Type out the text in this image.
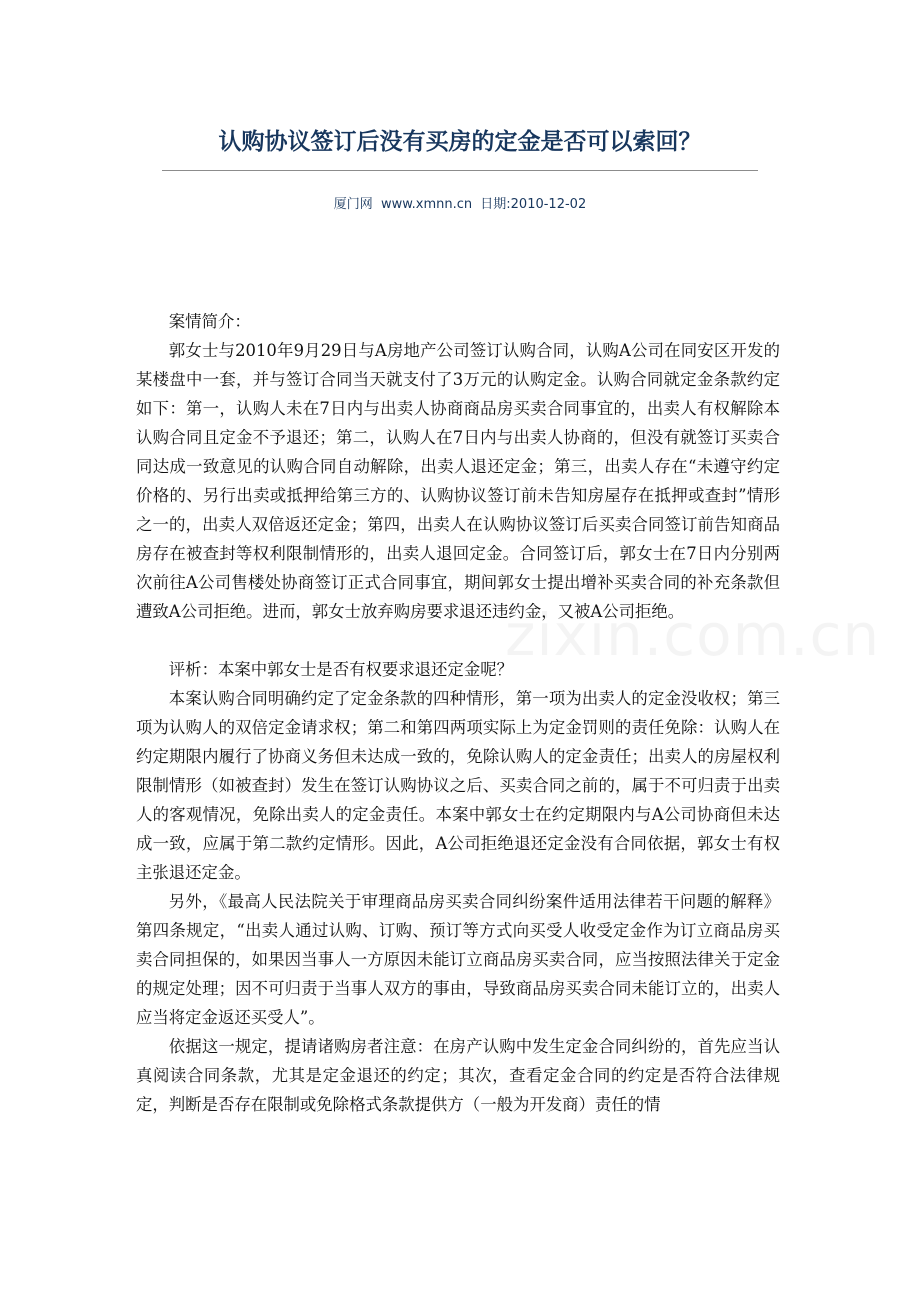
认购协议签订后没有买房的定金是否可以索回？
厦门网 www.xmnn.cn 日期:2010-12-02

案情简介：

郭女士与2010年9月29日与A房地产公司签订认购合同，认购A公司在同安区开发的某楼盘中一套，并与签订合同当天就支付了3万元的认购定金。认购合同就定金条款约定如下：第一，认购人未在7日内与出卖人协商商品房买卖合同事宜的，出卖人有权解除本认购合同且定金不予退还；第二，认购人在7日内与出卖人协商的，但没有就签订买卖合同达成一致意见的认购合同自动解除，出卖人退还定金；第三，出卖人存在“未遵守约定价格的、另行出卖或抵押给第三方的、认购协议签订前未告知房屋存在抵押或查封”情形之一的，出卖人双倍返还定金；第四，出卖人在认购协议签订后买卖合同签订前告知商品房存在被查封等权利限制情形的，出卖人退回定金。合同签订后，郭女士在7日内分别两次前往A公司售楼处协商签订正式合同事宜，期间郭女士提出增补买卖合同的补充条款但遭致A公司拒绝。进而，郭女士放弃购房要求退还违约金，又被A公司拒绝。

评析：本案中郭女士是否有权要求退还定金呢？

本案认购合同明确约定了定金条款的四种情形，第一项为出卖人的定金没收权；第三项为认购人的双倍定金请求权；第二和第四两项实际上为定金罚则的责任免除：认购人在约定期限内履行了协商义务但未达成一致的，免除认购人的定金责任；出卖人的房屋权利限制情形（如被查封）发生在签订认购协议之后、买卖合同之前的，属于不可归责于出卖人的客观情况，免除出卖人的定金责任。本案中郭女士在约定期限内与A公司协商但未达成一致，应属于第二款约定情形。因此，A公司拒绝退还定金没有合同依据，郭女士有权主张退还定金。

另外，《最高人民法院关于审理商品房买卖合同纠纷案件适用法律若干问题的解释》第四条规定，“出卖人通过认购、订购、预订等方式向买受人收受定金作为订立商品房买卖合同担保的，如果因当事人一方原因未能订立商品房买卖合同，应当按照法律关于定金的规定处理；因不可归责于当事人双方的事由，导致商品房买卖合同未能订立的，出卖人应当将定金返还买受人”。

依据这一规定，提请诸购房者注意：在房产认购中发生定金合同纠纷的，首先应当认真阅读合同条款，尤其是定金退还的约定；其次，查看定金合同的约定是否符合法律规定，判断是否存在限制或免除格式条款提供方（一般为开发商）责任的情
